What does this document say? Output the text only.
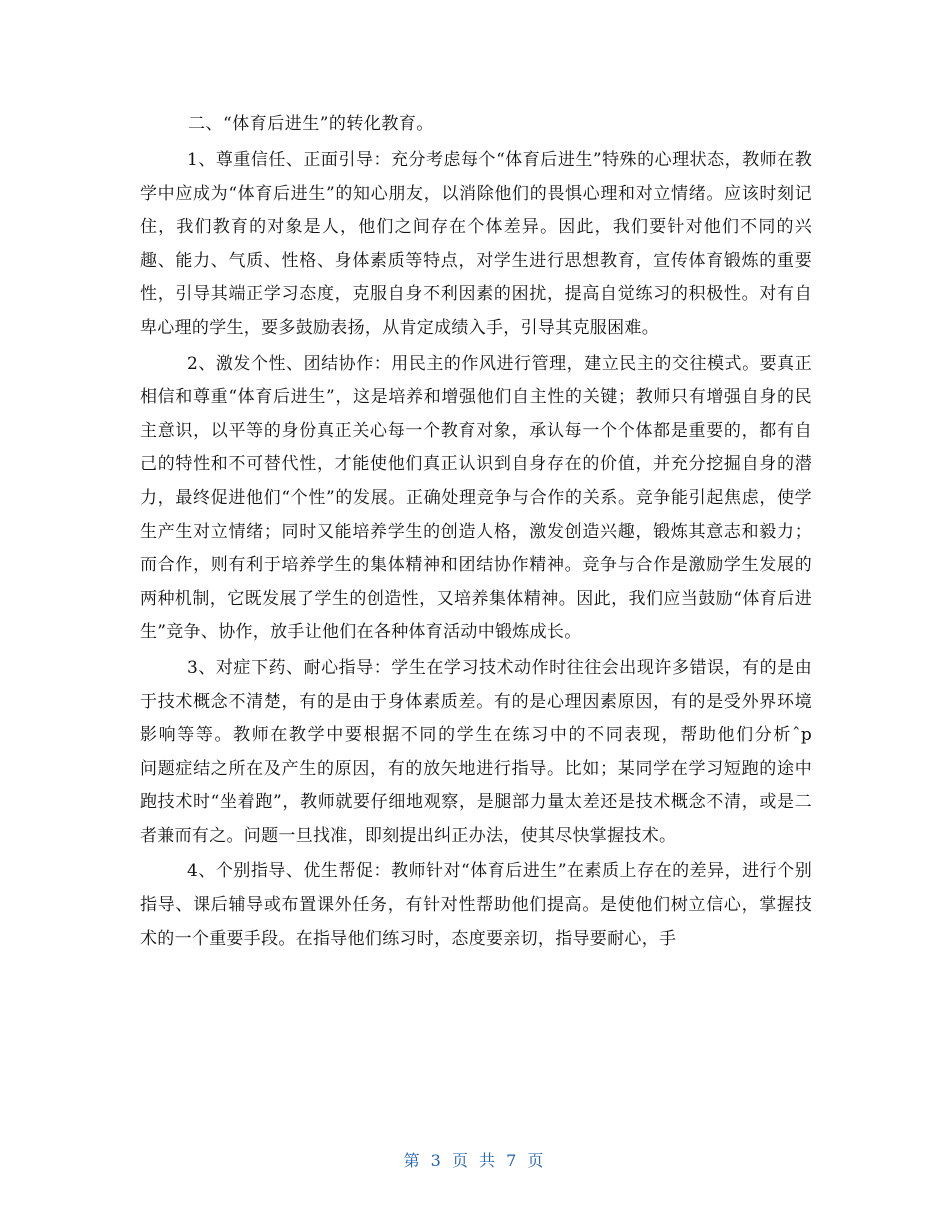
二、“体育后进生”的转化教育。

1、尊重信任、正面引导：充分考虑每个“体育后进生”特殊的心理状态，教师在教学中应成为“体育后进生”的知心朋友，以消除他们的畏惧心理和对立情绪。应该时刻记住，我们教育的对象是人，他们之间存在个体差异。因此，我们要针对他们不同的兴趣、能力、气质、性格、身体素质等特点，对学生进行思想教育，宣传体育锻炼的重要性，引导其端正学习态度，克服自身不利因素的困扰，提高自觉练习的积极性。对有自卑心理的学生，要多鼓励表扬，从肯定成绩入手，引导其克服困难。

2、激发个性、团结协作：用民主的作风进行管理，建立民主的交往模式。要真正相信和尊重“体育后进生”，这是培养和增强他们自主性的关键；教师只有增强自身的民主意识，以平等的身份真正关心每一个教育对象，承认每一个个体都是重要的，都有自己的特性和不可替代性，才能使他们真正认识到自身存在的价值，并充分挖掘自身的潜力，最终促进他们“个性”的发展。正确处理竞争与合作的关系。竞争能引起焦虑，使学生产生对立情绪；同时又能培养学生的创造人格，激发创造兴趣，锻炼其意志和毅力；而合作，则有利于培养学生的集体精神和团结协作精神。竞争与合作是激励学生发展的两种机制，它既发展了学生的创造性，又培养集体精神。因此，我们应当鼓励“体育后进生”竞争、协作，放手让他们在各种体育活动中锻炼成长。

3、对症下药、耐心指导：学生在学习技术动作时往往会出现许多错误，有的是由于技术概念不清楚，有的是由于身体素质差。有的是心理因素原因，有的是受外界环境影响等等。教师在教学中要根据不同的学生在练习中的不同表现，帮助他们分析ˆp　　问题症结之所在及产生的原因，有的放矢地进行指导。比如；某同学在学习短跑的途中跑技术时“坐着跑”，教师就要仔细地观察，是腿部力量太差还是技术概念不清，或是二者兼而有之。问题一旦找准，即刻提出纠正办法，使其尽快掌握技术。

4、个别指导、优生帮促：教师针对“体育后进生”在素质上存在的差异，进行个别指导、课后辅导或布置课外任务，有针对性帮助他们提高。是使他们树立信心，掌握技术的一个重要手段。在指导他们练习时，态度要亲切，指导要耐心，手

第 3 页 共 7 页
